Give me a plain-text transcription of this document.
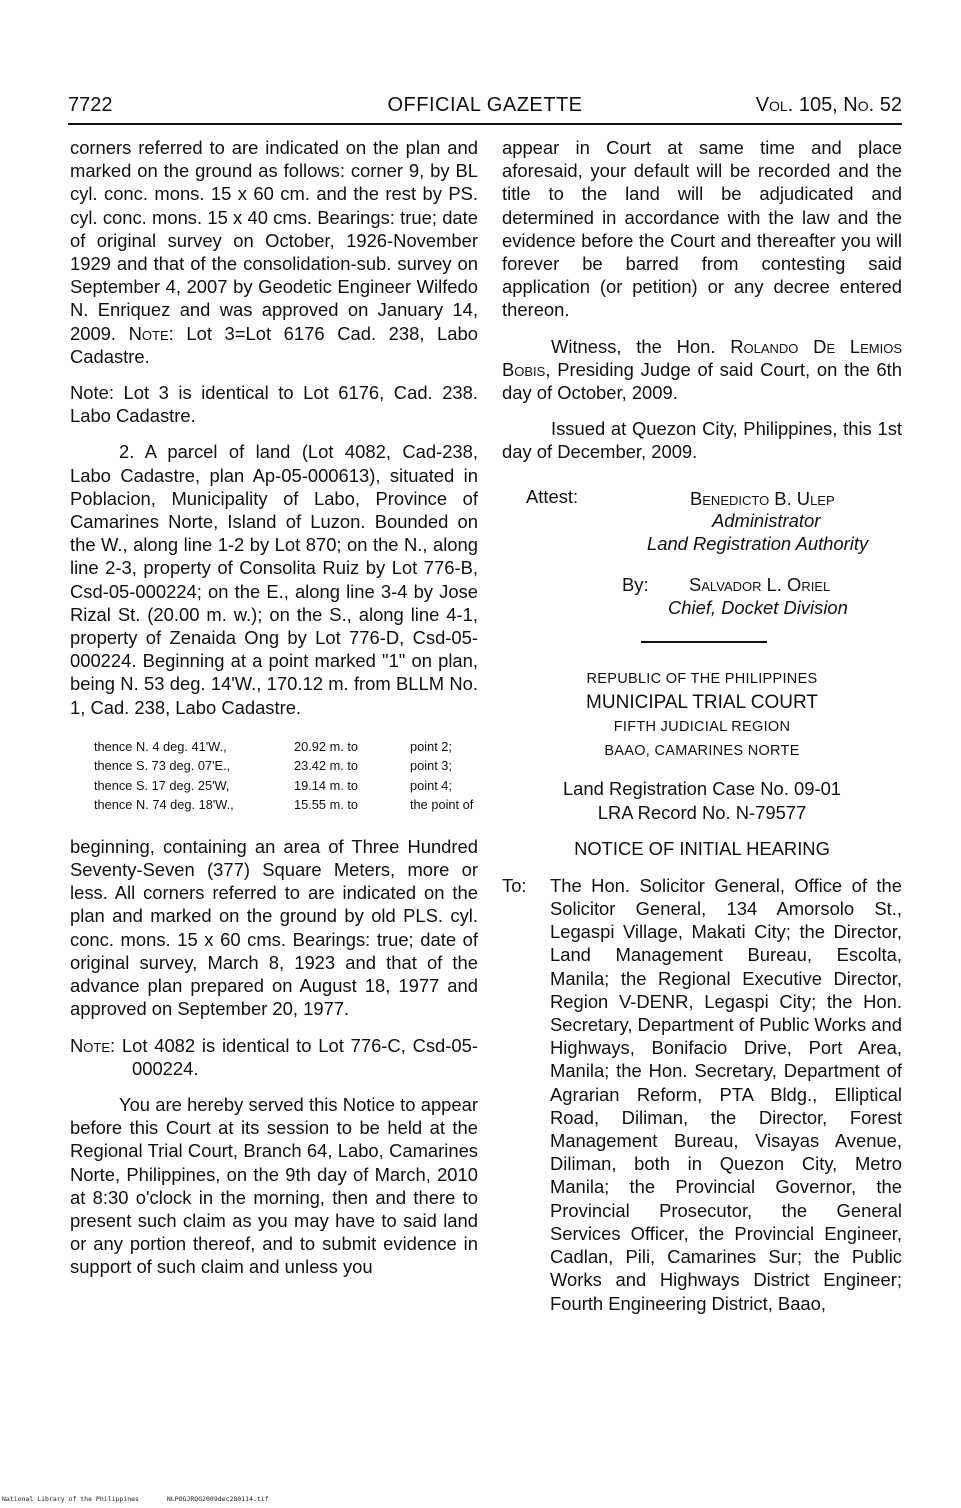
7722	OFFICIAL GAZETTE	Vol. 105, No. 52

corners referred to are indicated on the plan and marked on the ground as follows: corner 9, by BL cyl. conc. mons. 15 x 60 cm. and the rest by PS. cyl. conc. mons. 15 x 40 cms. Bearings: true; date of original survey on October, 1926-November 1929 and that of the consolidation-sub. survey on September 4, 2007 by Geodetic Engineer Wilfedo N. Enriquez and was approved on January 14, 2009. Note: Lot 3=Lot 6176 Cad. 238, Labo Cadastre.

Note: Lot 3 is identical to Lot 6176, Cad. 238. Labo Cadastre.

2. A parcel of land (Lot 4082, Cad-238, Labo Cadastre, plan Ap-05-000613), situated in Poblacion, Municipality of Labo, Province of Camarines Norte, Island of Luzon. Bounded on the W., along line 1-2 by Lot 870; on the N., along line 2-3, property of Consolita Ruiz by Lot 776-B, Csd-05-000224; on the E., along line 3-4 by Jose Rizal St. (20.00 m. w.); on the S., along line 4-1, property of Zenaida Ong by Lot 776-D, Csd-05-000224. Beginning at a point marked "1" on plan, being N. 53 deg. 14'W., 170.12 m. from BLLM No. 1, Cad. 238, Labo Cadastre.

thence N. 4 deg. 41'W.,	20.92 m. to	point 2;
thence S. 73 deg. 07'E.,	23.42 m. to	point 3;
thence S. 17 deg. 25'W,	19.14 m. to	point 4;
thence N. 74 deg. 18'W.,	15.55 m. to	the point of

beginning, containing an area of Three Hundred Seventy-Seven (377) Square Meters, more or less. All corners referred to are indicated on the plan and marked on the ground by old PLS. cyl. conc. mons. 15 x 60 cms. Bearings: true; date of original survey, March 8, 1923 and that of the advance plan prepared on August 18, 1977 and approved on September 20, 1977.

Note: Lot 4082 is identical to Lot 776-C, Csd-05-000224.

You are hereby served this Notice to appear before this Court at its session to be held at the Regional Trial Court, Branch 64, Labo, Camarines Norte, Philippines, on the 9th day of March, 2010 at 8:30 o'clock in the morning, then and there to present such claim as you may have to said land or any portion thereof, and to submit evidence in support of such claim and unless you

appear in Court at same time and place aforesaid, your default will be recorded and the title to the land will be adjudicated and determined in accordance with the law and the evidence before the Court and thereafter you will forever be barred from contesting said application (or petition) or any decree entered thereon.

Witness, the Hon. Rolando De Lemios Bobis, Presiding Judge of said Court, on the 6th day of October, 2009.

Issued at Quezon City, Philippines, this 1st day of December, 2009.

Attest:	Benedicto B. Ulep
Administrator
Land Registration Authority
By: Salvador L. Oriel
Chief, Docket Division
REPUBLIC OF THE PHILIPPINES
MUNICIPAL TRIAL COURT
FIFTH JUDICIAL REGION
BAAO, CAMARINES NORTE
Land Registration Case No. 09-01
LRA Record No. N-79577
NOTICE OF INITIAL HEARING
To: The Hon. Solicitor General, Office of the Solicitor General, 134 Amorsolo St., Legaspi Village, Makati City; the Director, Land Management Bureau, Escolta, Manila; the Regional Executive Director, Region V-DENR, Legaspi City; the Hon. Secretary, Department of Public Works and Highways, Bonifacio Drive, Port Area, Manila; the Hon. Secretary, Department of Agrarian Reform, PTA Bldg., Elliptical Road, Diliman, the Director, Forest Management Bureau, Visayas Avenue, Diliman, both in Quezon City, Metro Manila; the Provincial Governor, the Provincial Prosecutor, the General Services Officer, the Provincial Engineer, Cadlan, Pili, Camarines Sur; the Public Works and Highways District Engineer; Fourth Engineering District, Baao,
National Library of the Philippines	NLPOGJROG2009dec280114.tif
